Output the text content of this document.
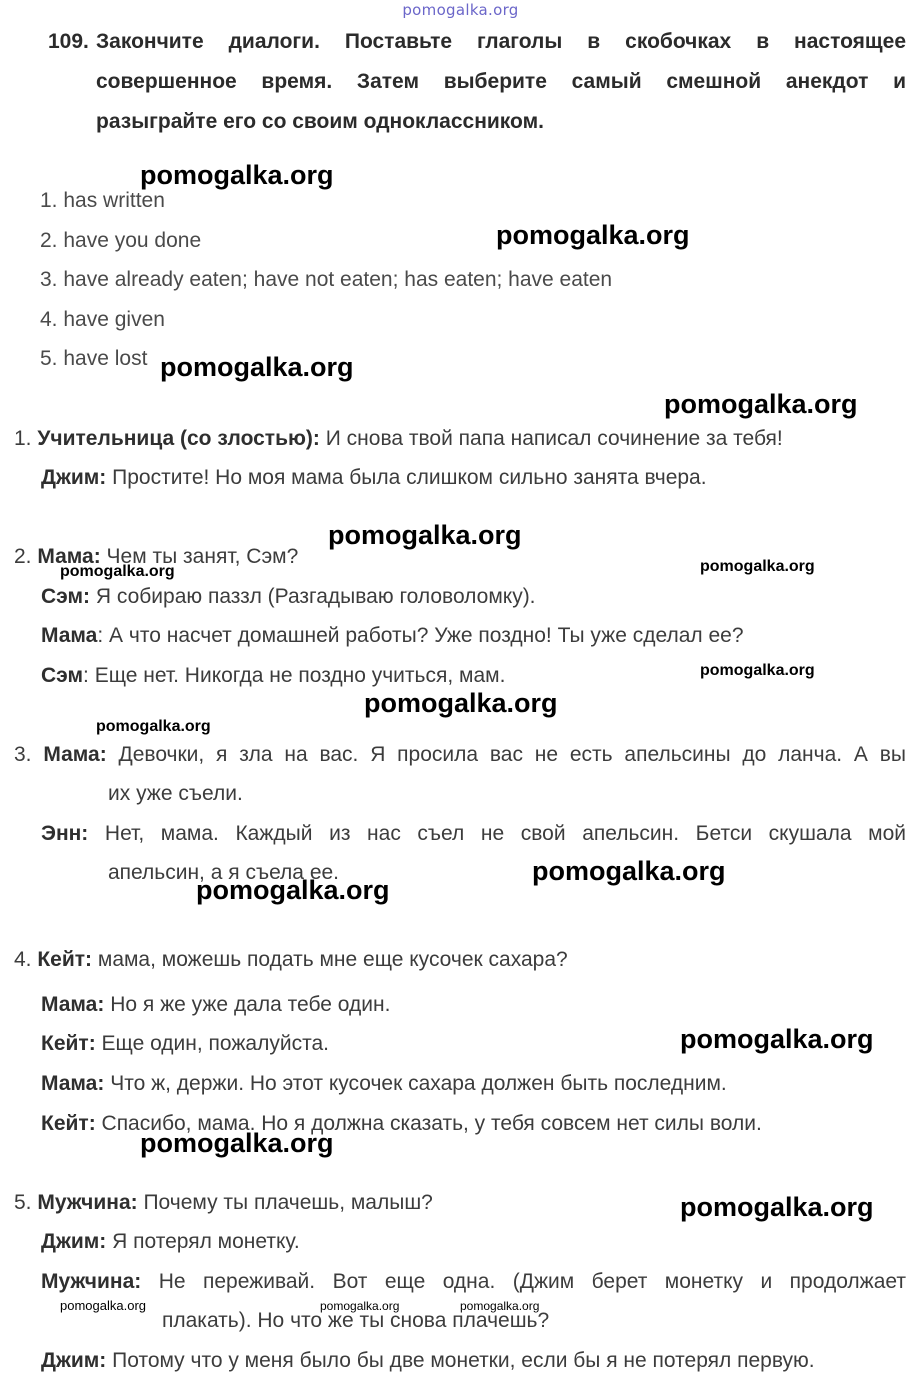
pomogalka.org
109. Закончите диалоги. Поставьте глаголы в скобочках в настоящее
совершенное время. Затем выберите самый смешной анекдот и
разыграйте его со своим одноклассником.
1. has written
2. have you done
3. have already eaten; have not eaten; has eaten; have eaten
4. have given
5. have lost
1. Учительница (со злостью): И снова твой папа написал сочинение за тебя!
Джим: Простите! Но моя мама была слишком сильно занята вчера.
2. Мама: Чем ты занят, Сэм?
Сэм: Я собираю паззл (Разгадываю головоломку).
Мама: А что насчет домашней работы? Уже поздно! Ты уже сделал ее?
Сэм: Еще нет. Никогда не поздно учиться, мам.
3. Мама: Девочки, я зла на вас. Я просила вас не есть апельсины до ланча. А вы
их уже съели.
Энн: Нет, мама. Каждый из нас съел не свой апельсин. Бетси скушала мой
апельсин, а я съела ее.
4. Кейт: мама, можешь подать мне еще кусочек сахара?
Мама: Но я же уже дала тебе один.
Кейт: Еще один, пожалуйста.
Мама: Что ж, держи. Но этот кусочек сахара должен быть последним.
Кейт: Спасибо, мама. Но я должна сказать, у тебя совсем нет силы воли.
5. Мужчина: Почему ты плачешь, малыш?
Джим: Я потерял монетку.
Мужчина: Не переживай. Вот еще одна. (Джим берет монетку и продолжает
плакать). Но что же ты снова плачешь?
Джим: Потому что у меня было бы две монетки, если бы я не потерял первую.
pomogalka.org
pomogalka.org
pomogalka.org
pomogalka.org
pomogalka.org
pomogalka.org	pomogalka.org
pomogalka.org
pomogalka.org
pomogalka.org
pomogalka.org
pomogalka.org
pomogalka.org
pomogalka.org
pomogalka.org
pomogalka.org	pomogalka.org	pomogalka.org
